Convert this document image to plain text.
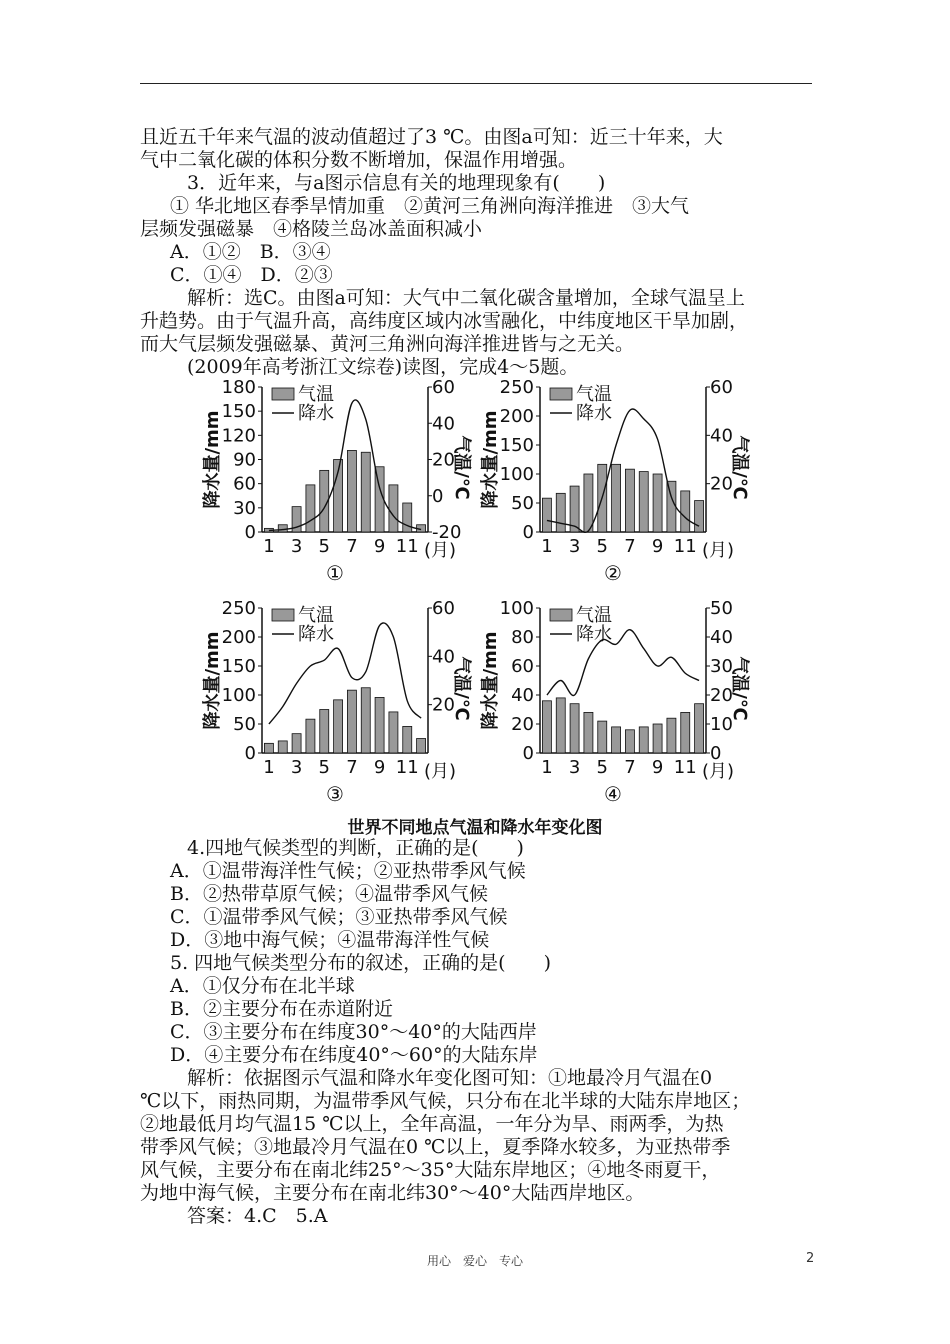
且近五千年来气温的波动值超过了3 ℃。由图a可知：近三十年来，大
气中二氧化碳的体积分数不断增加，保温作用增强。
3．近年来，与a图示信息有关的地理现象有(　　)
① 华北地区春季旱情加重　②黄河三角洲向海洋推进　③大气
层频发强磁暴　④格陵兰岛冰盖面积减小
A．①②　B．③④
C．①④　D．②③
解析：选C。由图a可知：大气中二氧化碳含量增加，全球气温呈上
升趋势。由于气温升高，高纬度区域内冰雪融化，中纬度地区干旱加剧，
而大气层频发强磁暴、黄河三角洲向海洋推进皆与之无关。
(2009年高考浙江文综卷)读图，完成4～5题。
0
30
60
90
120
150
180
-20
0
20
40
60
1 3 5 7 9 11 (月)
降水量/mm	气温/℃
气温
降水
①
0
50
100
150
200
250
20
40
60
1 3 5 7 9 11 (月)
降水量/mm	气温/℃
气温
降水
②
0
50
100
150
200
250
20
40
60
1 3 5 7 9 11 (月)
降水量/mm	气温/℃
气温
降水
③
0
20
40
60
80
100
0
10
20
30
40
50
1 3 5 7 9 11 (月)
降水量/mm	气温/℃
气温
降水
④
世界不同地点气温和降水年变化图
4.四地气候类型的判断，正确的是(　　)
A．①温带海洋性气候；②亚热带季风气候
B．②热带草原气候；④温带季风气候
C．①温带季风气候；③亚热带季风气候
D．③地中海气候；④温带海洋性气候
5. 四地气候类型分布的叙述，正确的是(　　)
A．①仅分布在北半球
B．②主要分布在赤道附近
C．③主要分布在纬度30°～40°的大陆西岸
D．④主要分布在纬度40°～60°的大陆东岸
解析：依据图示气温和降水年变化图可知：①地最冷月气温在0
℃以下，雨热同期，为温带季风气候，只分布在北半球的大陆东岸地区；
②地最低月均气温15 ℃以上，全年高温，一年分为旱、雨两季，为热
带季风气候；③地最冷月气温在0 ℃以上，夏季降水较多，为亚热带季
风气候，主要分布在南北纬25°～35°大陆东岸地区；④地冬雨夏干，
为地中海气候，主要分布在南北纬30°～40°大陆西岸地区。
答案：4.C　5.A
用心　爱心　专心	2
